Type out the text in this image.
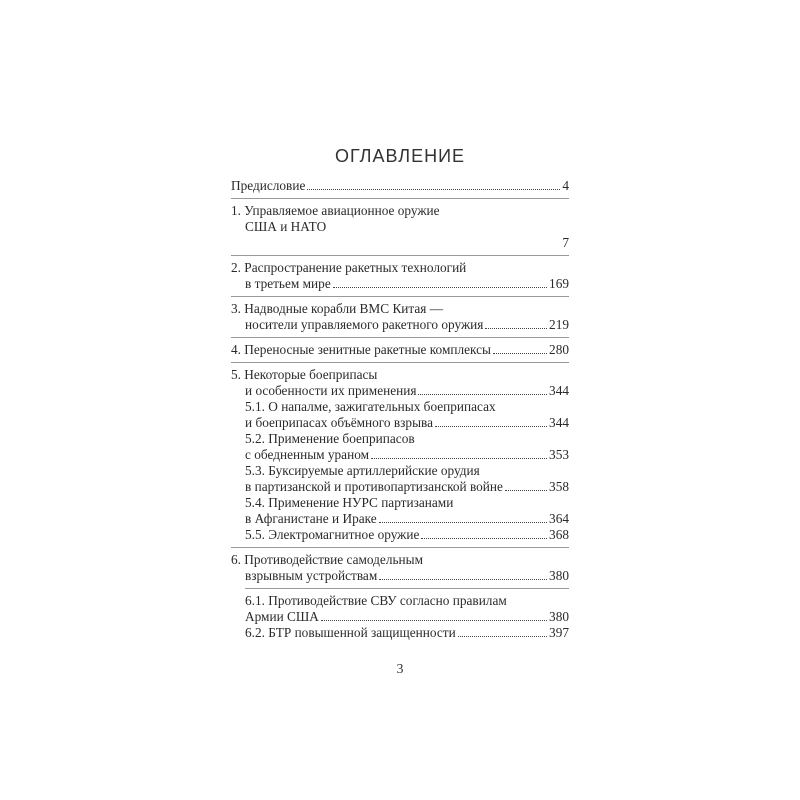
ОГЛАВЛЕНИЕ
Предисловие	4
1. Управляемое авиационное оружие
США и НАТО
7
2. Распространение ракетных технологий
в третьем мире	169
3. Надводные корабли ВМС Китая —
носители управляемого ракетного оружия	219
4. Переносные зенитные ракетные комплексы	280
5. Некоторые боеприпасы
и особенности их применения	344
5.1. О напалме, зажигательных боеприпасах
и боеприпасах объёмного взрыва	344
5.2. Применение боеприпасов
с обедненным ураном	353
5.3. Буксируемые артиллерийские орудия
в партизанской и противопартизанской войне	358
5.4. Применение НУРС партизанами
в Афганистане и Ираке	364
5.5. Электромагнитное оружие	368
6. Противодействие самодельным
взрывным устройствам	380
6.1. Противодействие СВУ согласно правилам
Армии США	380
6.2. БТР повышенной защищенности	397
3
